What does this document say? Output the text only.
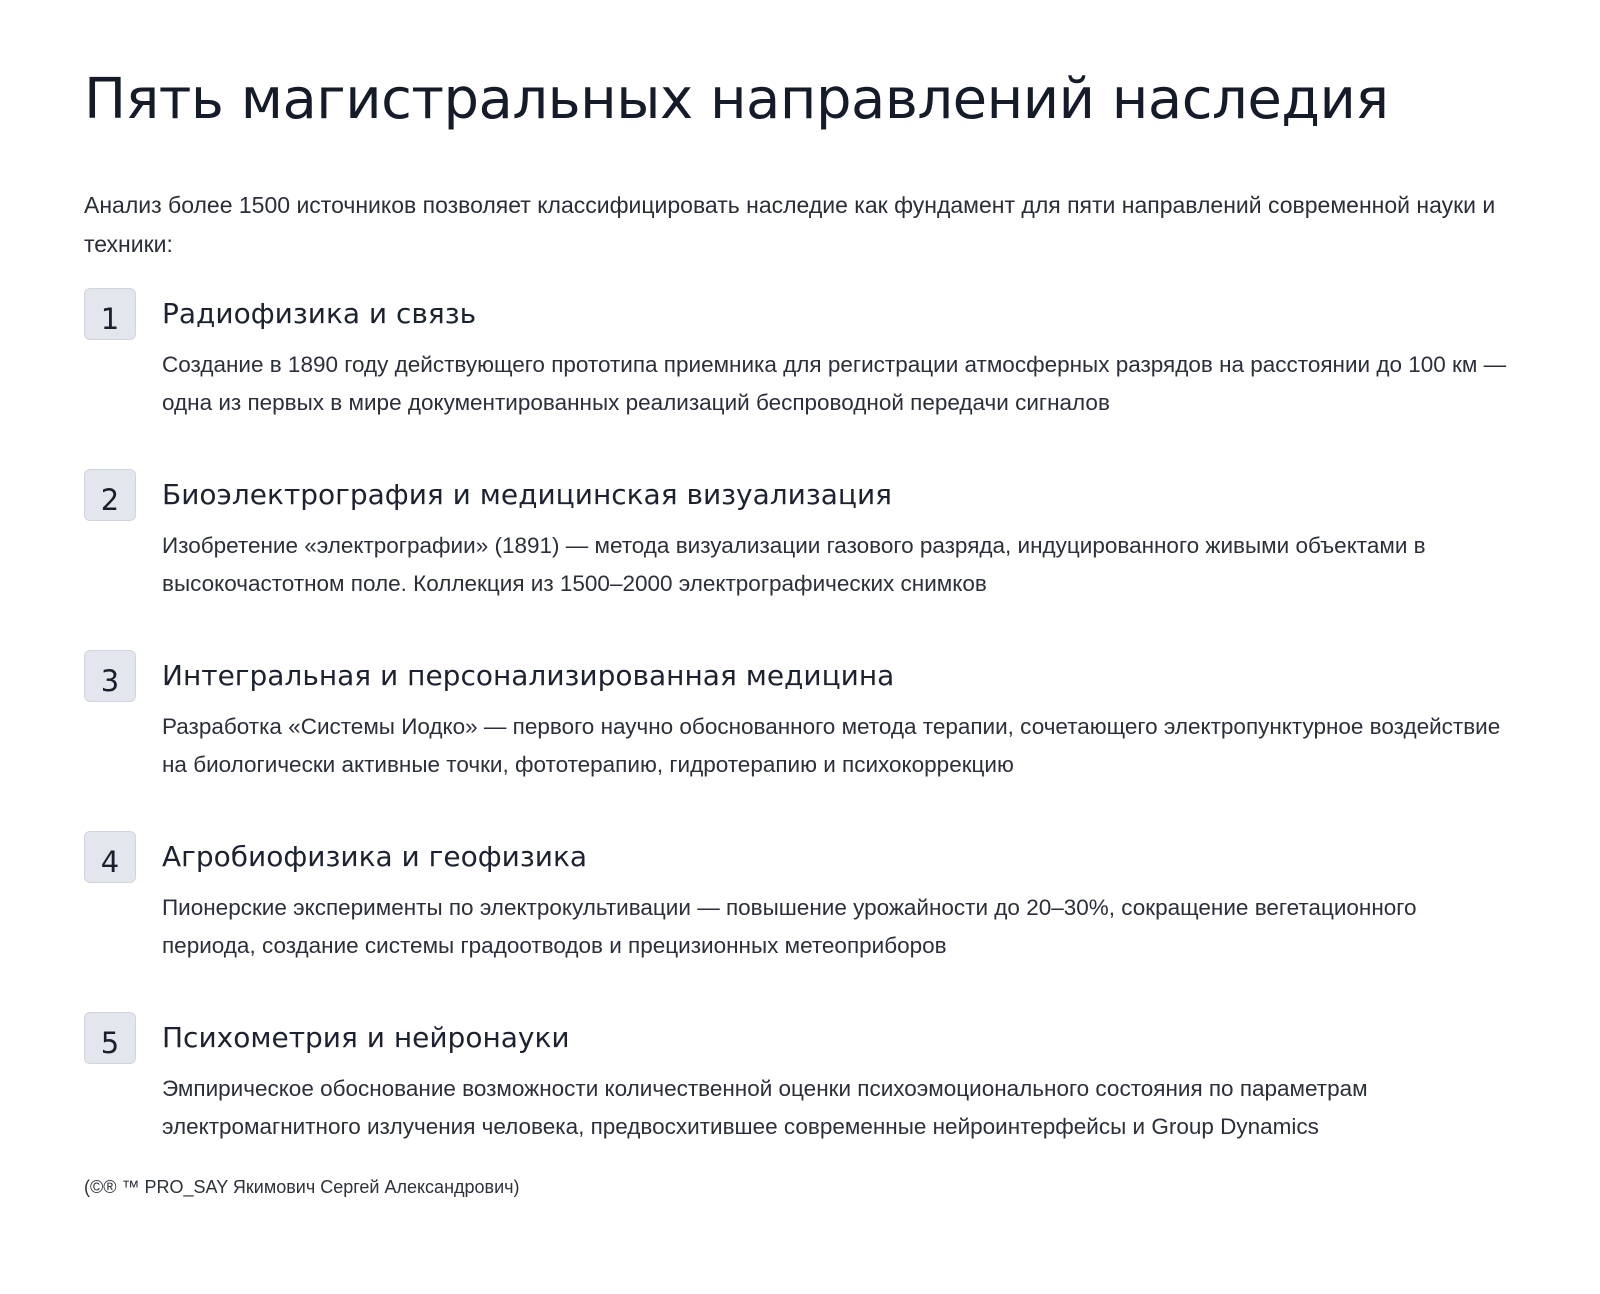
Пять магистральных направлений наследия

Анализ более 1500 источников позволяет классифицировать наследие как фундамент для пяти направлений современной науки и техники:

1	Радиофизика и связь

Создание в 1890 году действующего прототипа приемника для регистрации атмосферных разрядов на расстоянии до 100 км — одна из первых в мире документированных реализаций беспроводной передачи сигналов

2	Биоэлектрография и медицинская визуализация

Изобретение «электрографии» (1891) — метода визуализации газового разряда, индуцированного живыми объектами в высокочастотном поле. Коллекция из 1500–2000 электрографических снимков

3	Интегральная и персонализированная медицина

Разработка «Системы Иодко» — первого научно обоснованного метода терапии, сочетающего электропунктурное воздействие на биологически активные точки, фототерапию, гидротерапию и психокоррекцию

4	Агробиофизика и геофизика

Пионерские эксперименты по электрокультивации — повышение урожайности до 20–30%, сокращение вегетационного периода, создание системы градоотводов и прецизионных метеоприборов

5	Психометрия и нейронауки

Эмпирическое обоснование возможности количественной оценки психоэмоционального состояния по параметрам электромагнитного излучения человека, предвосхитившее современные нейроинтерфейсы и Group Dynamics

(©® ™ PRO_SAY Якимович Сергей Александрович)
